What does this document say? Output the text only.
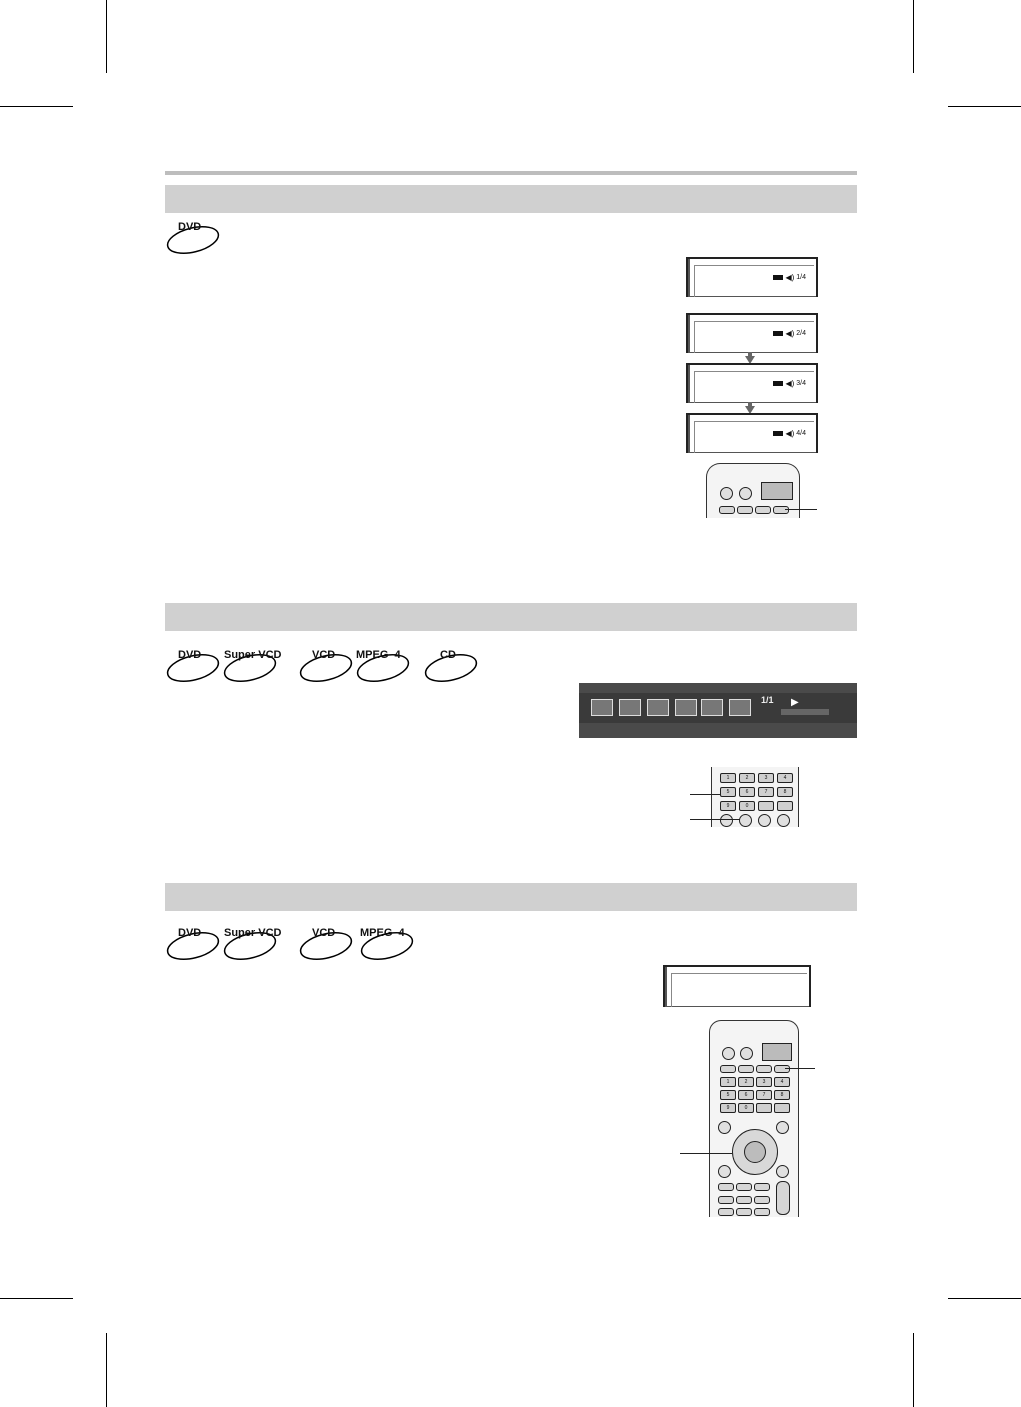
DVD
◀) 1/4
◀) 2/4
◀) 3/4
◀) 4/4
DVD Super VCD	VCD MPEG–4	CD
1/1 ▶
1	2	3	4
5	6	7	8
9	0
DVD Super VCD	VCD MPEG–4
1	2	3	4
5	6	7	8
9	0
